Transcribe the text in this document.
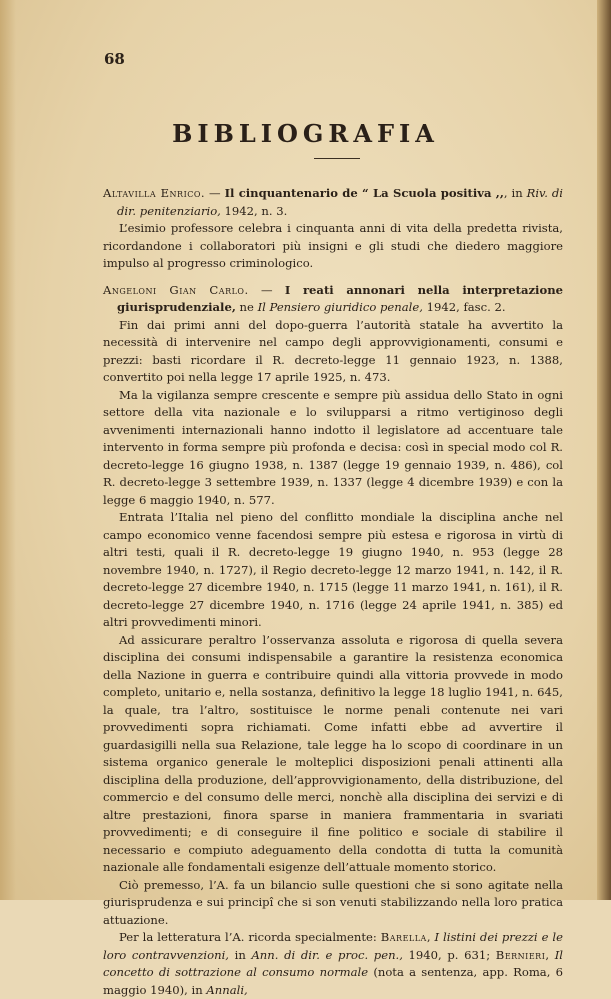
68
BIBLIOGRAFIA

Altavilla Enrico. — Il cinquantenario de “ La Scuola positiva ,,, in Riv. di dir. penitenziario, 1942, n. 3.

L’esimio professore celebra i cinquanta anni di vita della predetta rivista, ricordandone i collaboratori più insigni e gli studi che diedero maggiore impulso al progresso criminologico.

Angeloni Gian Carlo. — I reati annonari nella interpretazione giurisprudenziale, ne Il Pensiero giuridico penale, 1942, fasc. 2.

Fin dai primi anni del dopo-guerra l’autorità statale ha avvertito la necessità di intervenire nel campo degli approvvigionamenti, consumi e prezzi: basti ricordare il R. decreto-legge 11 gennaio 1923, n. 1388, convertito poi nella legge 17 aprile 1925, n. 473.

Ma la vigilanza sempre crescente e sempre più assidua dello Stato in ogni settore della vita nazionale e lo svilupparsi a ritmo vertiginoso degli avvenimenti internazionali hanno indotto il legislatore ad accentuare tale intervento in forma sempre più profonda e decisa: così in special modo col R. decreto-legge 16 giugno 1938, n. 1387 (legge 19 gennaio 1939, n. 486), col R. decreto-legge 3 settembre 1939, n. 1337 (legge 4 dicembre 1939) e con la legge 6 maggio 1940, n. 577.

Entrata l’Italia nel pieno del conflitto mondiale la disciplina anche nel campo economico venne facendosi sempre più estesa e rigorosa in virtù di altri testi, quali il R. decreto-legge 19 giugno 1940, n. 953 (legge 28 novembre 1940, n. 1727), il Regio decreto-legge 12 marzo 1941, n. 142, il R. decreto-legge 27 dicembre 1940, n. 1715 (legge 11 marzo 1941, n. 161), il R. decreto-legge 27 dicembre 1940, n. 1716 (legge 24 aprile 1941, n. 385) ed altri provvedimenti minori.

Ad assicurare peraltro l’osservanza assoluta e rigorosa di quella severa disciplina dei consumi indispensabile a garantire la resistenza economica della Nazione in guerra e contribuire quindi alla vittoria provvede in modo completo, unitario e, nella sostanza, definitivo la legge 18 luglio 1941, n. 645, la quale, tra l’altro, sostituisce le norme penali contenute nei vari provvedimenti sopra richiamati. Come infatti ebbe ad avvertire il guardasigilli nella sua Relazione, tale legge ha lo scopo di coordinare in un sistema organico generale le molteplici disposizioni penali attinenti alla disciplina della produzione, dell’approvvigionamento, della distribuzione, del commercio e del consumo delle merci, nonchè alla disciplina dei servizi e di altre prestazioni, finora sparse in maniera frammentaria in svariati provvedimenti; e di conseguire il fine politico e sociale di stabilire il necessario e compiuto adeguamento della condotta di tutta la comunità nazionale alle fondamentali esigenze dell’attuale momento storico.

Ciò premesso, l’A. fa un bilancio sulle questioni che si sono agitate nella giurisprudenza e sui principî che si son venuti stabilizzando nella loro pratica attuazione.

Per la letteratura l’A. ricorda specialmente: Barella, I listini dei prezzi e le loro contravvenzioni, in Ann. di dir. e proc. pen., 1940, p. 631; Bernieri, Il concetto di sottrazione al consumo normale (nota a sentenza, app. Roma, 6 maggio 1940), in Annali,
